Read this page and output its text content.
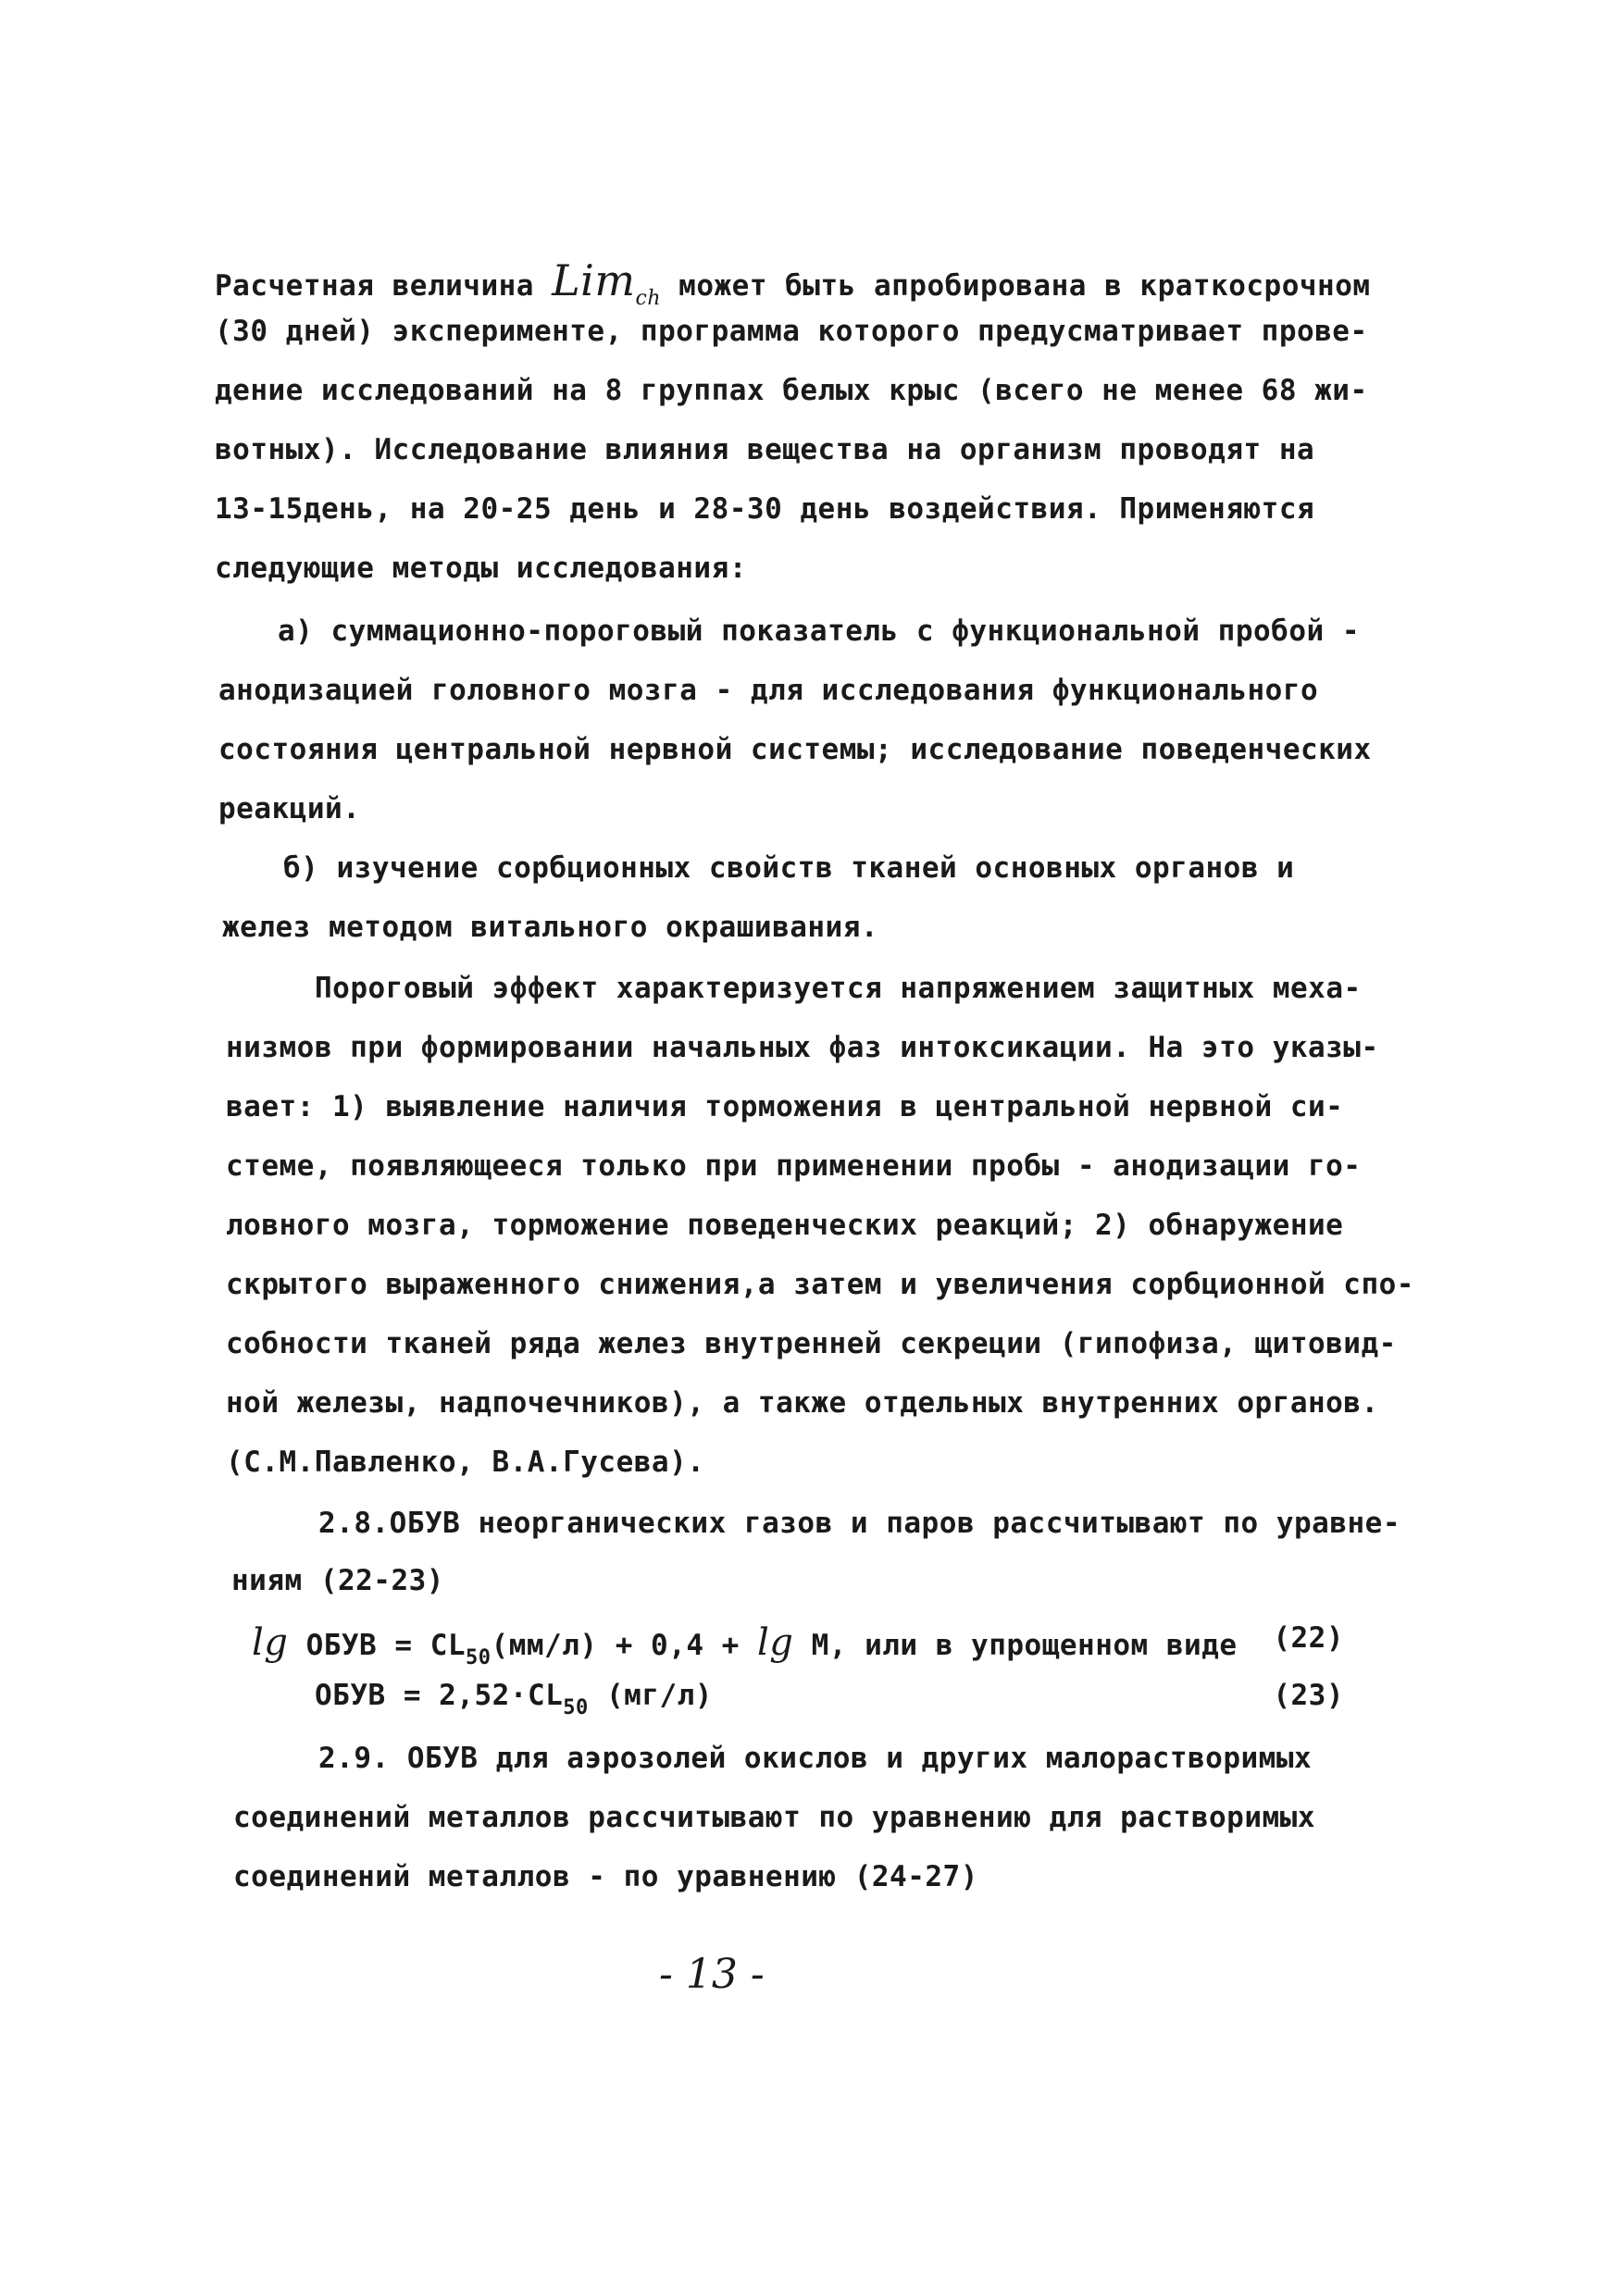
Расчетная величина Lim$_{ch}$ может быть апробирована в краткосрочном
(30 дней) эксперименте, программа которого предусматривает прове-
дение исследований на 8 группах белых крыс (всего не менее 68 жи-
вотных). Исследование влияния вещества на организм проводят на
13-15день, на 20-25 день и 28-30 день воздействия. Применяются
следующие методы исследования:
а) суммационно-пороговый показатель с функциональной пробой -
анодизацией головного мозга - для исследования функционального
состояния центральной нервной системы; исследование поведенческих
реакций.
б) изучение сорбционных свойств тканей основных органов и
желез методом витального окрашивания.
Пороговый эффект характеризуется напряжением защитных меха-
низмов при формировании начальных фаз интоксикации. На это указы-
вает: 1) выявление наличия торможения в центральной нервной си-
стеме, появляющееся только при применении пробы - анодизации го-
ловного мозга, торможение поведенческих реакций; 2) обнаружение
скрытого выраженного снижения,а затем и увеличения сорбционной спо-
собности тканей ряда желез внутренней секреции (гипофиза, щитовид-
ной железы, надпочечников), а также отдельных внутренних органов.
(С.М.Павленко, В.А.Гусева).
2.8.ОБУВ неорганических газов и паров рассчитывают по уравне-
ниям (22-23)
lg ОБУВ = $CL_{50}(мм/л) + 0,4 + \lg M$, или в упрощенном виде (22)
ОБУВ = $2,52\cdot CL_{50}$ (мг/л)	(23)
2.9. ОБУВ для аэрозолей окислов и других малорастворимых
соединений металлов рассчитывают по уравнению для растворимых
соединений металлов - по уравнению (24-27)
- 13 -
